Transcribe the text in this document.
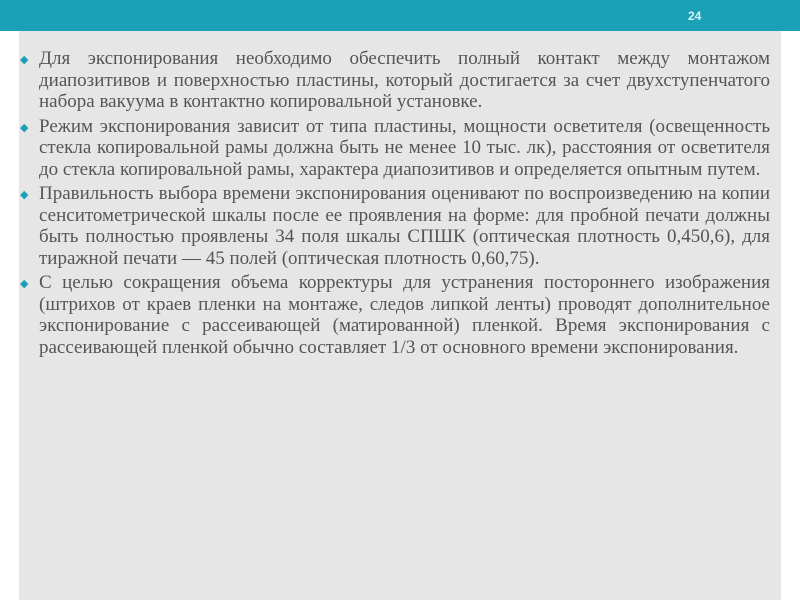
24
◆ Для экспонирования необходимо обеспечить полный контакт между монтажом диапозитивов и поверхностью пластины, который достигается за счет двухступенчатого набора вакуума в контактно копировальной установке.
◆ Режим экспонирования зависит от типа пластины, мощности осветителя (освещенность стекла копировальной рамы должна быть не менее 10 тыс. лк), расстояния от осветителя до стекла копировальной рамы, характера диапозитивов и определяется опытным путем.
◆ Правильность выбора времени экспонирования оценивают по воспроизведению на копии сенситометрической шкалы после ее проявления на форме: для пробной печати должны быть полностью проявлены 34 поля шкалы СПШК (оптическая плотность 0,450,6), для тиражной печати — 45 полей (оптическая плотность 0,60,75).
◆ С целью сокращения объема корректуры для устранения постороннего изображения (штрихов от краев пленки на монтаже, следов липкой ленты) проводят дополнительное экспонирование с рассеивающей (матированной) пленкой. Время экспонирования с рассеивающей пленкой обычно составляет 1/3 от основного времени экспонирования.
